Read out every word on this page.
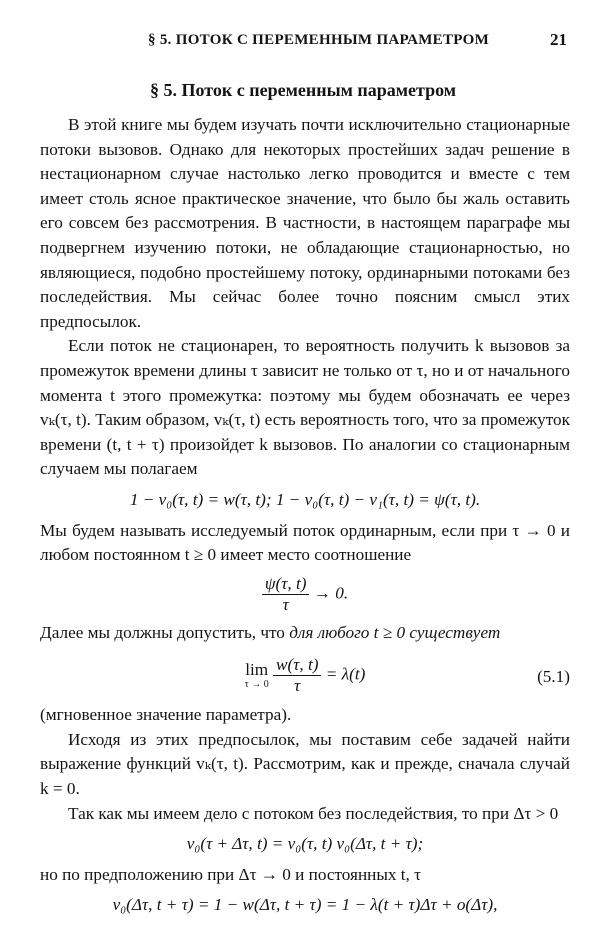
§ 5. ПОТОК С ПЕРЕМЕННЫМ ПАРАМЕТРОМ	21
§ 5. Поток с переменным параметром

В этой книге мы будем изучать почти исключительно стационарные потоки вызовов. Однако для некоторых простейших задач решение в нестационарном случае настолько легко проводится и вместе с тем имеет столь ясное практическое значение, что было бы жаль оставить его совсем без рассмотрения. В частности, в настоящем параграфе мы подвергнем изучению потоки, не обладающие стационарностью, но являющиеся, подобно простейшему потоку, ординарными потоками без последействия. Мы сейчас более точно поясним смысл этих предпосылок.

Если поток не стационарен, то вероятность получить k вызовов за промежуток времени длины τ зависит не только от τ, но и от начального момента t этого промежутка: поэтому мы будем обозначать ее через vₖ(τ, t). Таким образом, vₖ(τ, t) есть вероятность того, что за промежуток времени (t, t + τ) произойдет k вызовов. По аналогии со стационарным случаем мы полагаем

1 − v₀(τ, t) = w(τ, t); 1 − v₀(τ, t) − v₁(τ, t) = ψ(τ, t).

Мы будем называть исследуемый поток ординарным, если при τ → 0 и любом постоянном t ≥ 0 имеет место соотношение

$\frac{\psi(\tau, t)}{\tau} \to 0$.

Далее мы должны допустить, что для любого t ≥ 0 существует

lim
τ → 0
$\frac{w(\tau, t)}{\tau} = \lambda(t)$	(5.1)

(мгновенное значение параметра).

Исходя из этих предпосылок, мы поставим себе задачей найти выражение функций vₖ(τ, t). Рассмотрим, как и прежде, сначала случай k = 0.

Так как мы имеем дело с потоком без последействия, то при Δτ > 0

v₀(τ + Δτ, t) = v₀(τ, t) v₀(Δτ, t + τ);

но по предположению при Δτ → 0 и постоянных t, τ

v₀(Δτ, t + τ) = 1 − w(Δτ, t + τ) = 1 − λ(t + τ)Δτ + o(Δτ),
